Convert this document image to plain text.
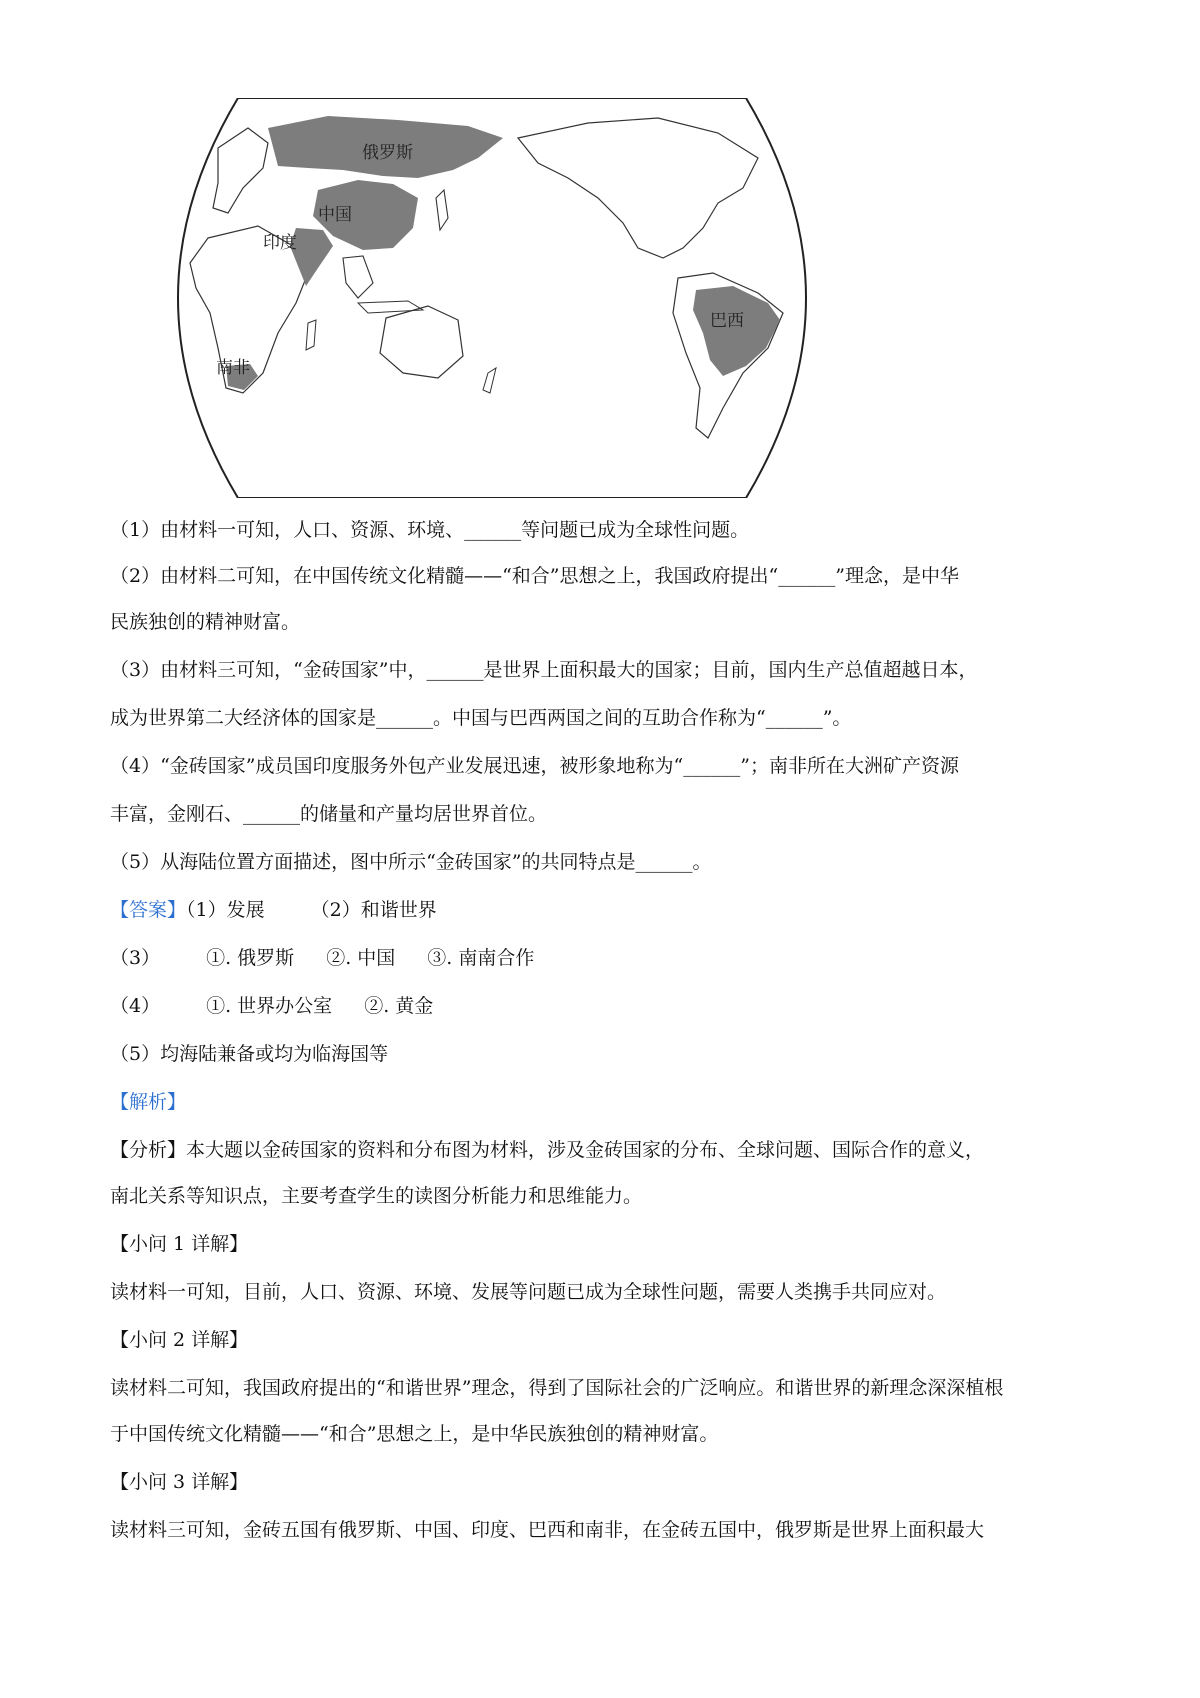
俄罗斯
中国
印度
巴西
南非
（1）由材料一可知，人口、资源、环境、______等问题已成为全球性问题。
（2）由材料二可知，在中国传统文化精髓——“和合”思想之上，我国政府提出“______”理念，是中华
民族独创的精神财富。
（3）由材料三可知，“金砖国家”中，______是世界上面积最大的国家；目前，国内生产总值超越日本，
成为世界第二大经济体的国家是______。中国与巴西两国之间的互助合作称为“______”。
（4）“金砖国家”成员国印度服务外包产业发展迅速，被形象地称为“______”；南非所在大洲矿产资源
丰富，金刚石、______的储量和产量均居世界首位。
（5）从海陆位置方面描述，图中所示“金砖国家”的共同特点是______。
【答案】（1）发展 （2）和谐世界
（3） ①. 俄罗斯 ②. 中国 ③. 南南合作
（4） ①. 世界办公室 ②. 黄金
（5）均海陆兼备或均为临海国等
【解析】
【分析】本大题以金砖国家的资料和分布图为材料，涉及金砖国家的分布、全球问题、国际合作的意义，
南北关系等知识点，主要考查学生的读图分析能力和思维能力。
【小问 1 详解】
读材料一可知，目前，人口、资源、环境、发展等问题已成为全球性问题，需要人类携手共同应对。
【小问 2 详解】
读材料二可知，我国政府提出的“和谐世界”理念，得到了国际社会的广泛响应。和谐世界的新理念深深植根
于中国传统文化精髓——“和合”思想之上，是中华民族独创的精神财富。
【小问 3 详解】
读材料三可知，金砖五国有俄罗斯、中国、印度、巴西和南非，在金砖五国中，俄罗斯是世界上面积最大
